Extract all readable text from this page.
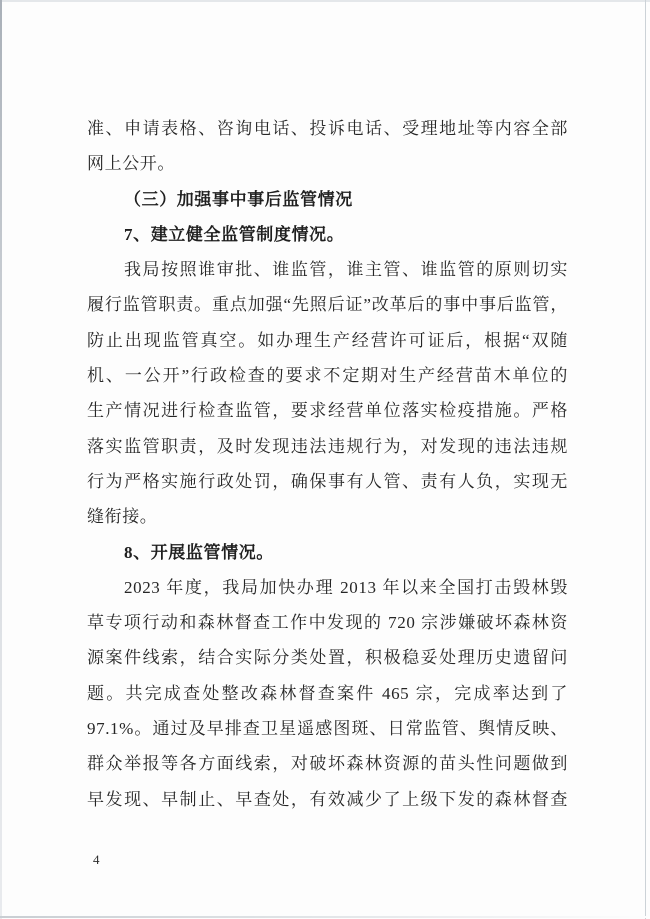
准、申请表格、咨询电话、投诉电话、受理地址等内容全部
网上公开。
（三）加强事中事后监管情况
7、建立健全监管制度情况。
我局按照谁审批、谁监管，谁主管、谁监管的原则切实
履行监管职责。重点加强“先照后证”改革后的事中事后监管，
防止出现监管真空。如办理生产经营许可证后，根据“双随
机、一公开”行政检查的要求不定期对生产经营苗木单位的
生产情况进行检查监管，要求经营单位落实检疫措施。严格
落实监管职责，及时发现违法违规行为，对发现的违法违规
行为严格实施行政处罚，确保事有人管、责有人负，实现无
缝衔接。
8、开展监管情况。
2023 年度，我局加快办理 2013 年以来全国打击毁林毁
草专项行动和森林督查工作中发现的 720 宗涉嫌破坏森林资
源案件线索，结合实际分类处置，积极稳妥处理历史遗留问
题。共完成查处整改森林督查案件 465 宗，完成率达到了
97.1%。通过及早排查卫星遥感图斑、日常监管、舆情反映、
群众举报等各方面线索，对破坏森林资源的苗头性问题做到
早发现、早制止、早查处，有效减少了上级下发的森林督查
4
